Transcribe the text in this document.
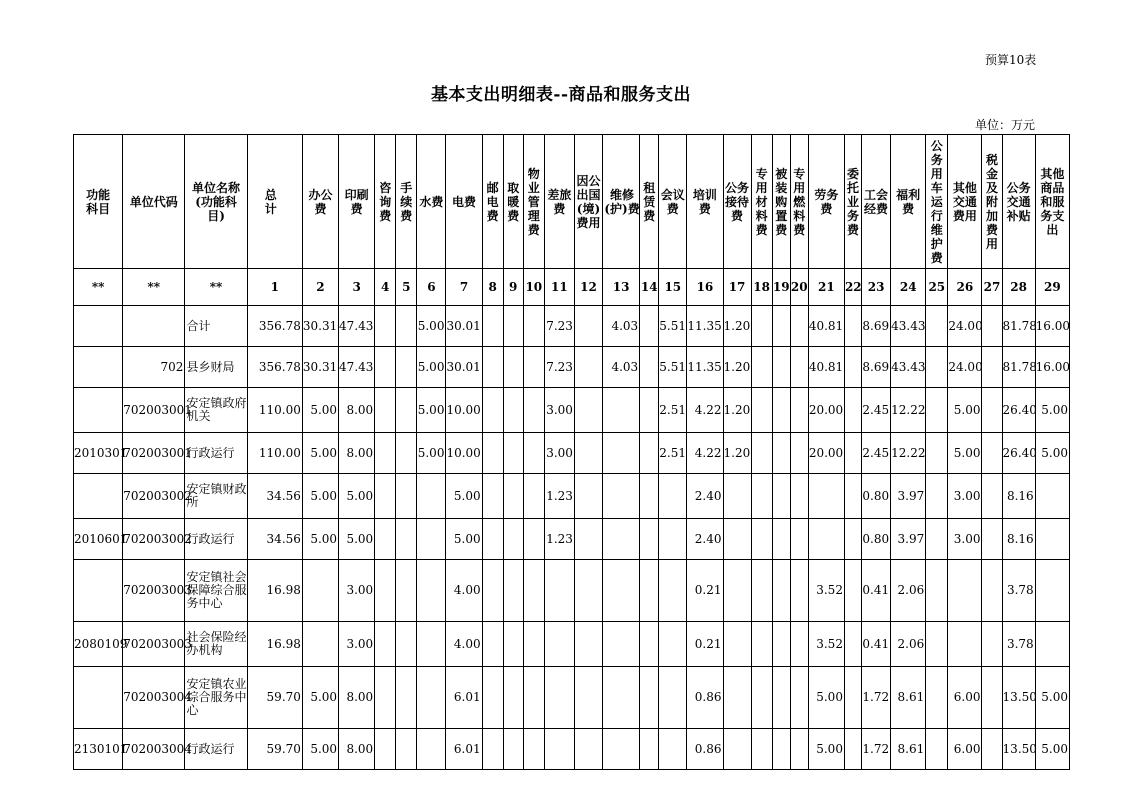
预算10表
基本支出明细表--商品和服务支出
单位：万元
功能科目	单位代码	单位名称(功能科目)	总　计	办公费	印刷费	咨询费	手续费	水费	电费	邮电费	取暖费	物业管理费	差旅费	因公出国(境)费用	维修(护)费	租赁费	会议费	培训费	公务接待费	专用材料费	被装购置费	专用燃料费	劳务费	委托业务费	工会经费	福利费	公务用车运行维护费	其他交通费用	税金及附加费用	公务交通补贴	其他商品和服务支出
**	**	**	1	2	3	4	5	6	7	8	9	10	11	12	13	14	15	16	17	18	19	20	21	22	23	24	25	26	27	28	29
		合计	356.78	30.31	47.43			5.00	30.01				7.23		4.03		5.51	11.35	1.20				40.81		8.69	43.43		24.00		81.78	16.00
	702	县乡财局	356.78	30.31	47.43			5.00	30.01				7.23		4.03		5.51	11.35	1.20				40.81		8.69	43.43		24.00		81.78	16.00
	702003001	安定镇政府机关	110.00	5.00	8.00			5.00	10.00				3.00				2.51	4.22	1.20				20.00		2.45	12.22		5.00		26.40	5.00
2010301	702003001	行政运行	110.00	5.00	8.00			5.00	10.00				3.00				2.51	4.22	1.20				20.00		2.45	12.22		5.00		26.40	5.00
	702003002	安定镇财政所	34.56	5.00	5.00				5.00				1.23					2.40							0.80	3.97		3.00		8.16	
2010601	702003002	行政运行	34.56	5.00	5.00				5.00				1.23					2.40							0.80	3.97		3.00		8.16	
	702003003	安定镇社会保障综合服务中心	16.98		3.00				4.00									0.21					3.52		0.41	2.06				3.78	
2080109	702003003	社会保险经办机构	16.98		3.00				4.00									0.21					3.52		0.41	2.06				3.78	
	702003004	安定镇农业综合服务中心	59.70	5.00	8.00				6.01									0.86					5.00		1.72	8.61		6.00		13.50	5.00
2130101	702003004	行政运行	59.70	5.00	8.00				6.01									0.86					5.00		1.72	8.61		6.00		13.50	5.00
